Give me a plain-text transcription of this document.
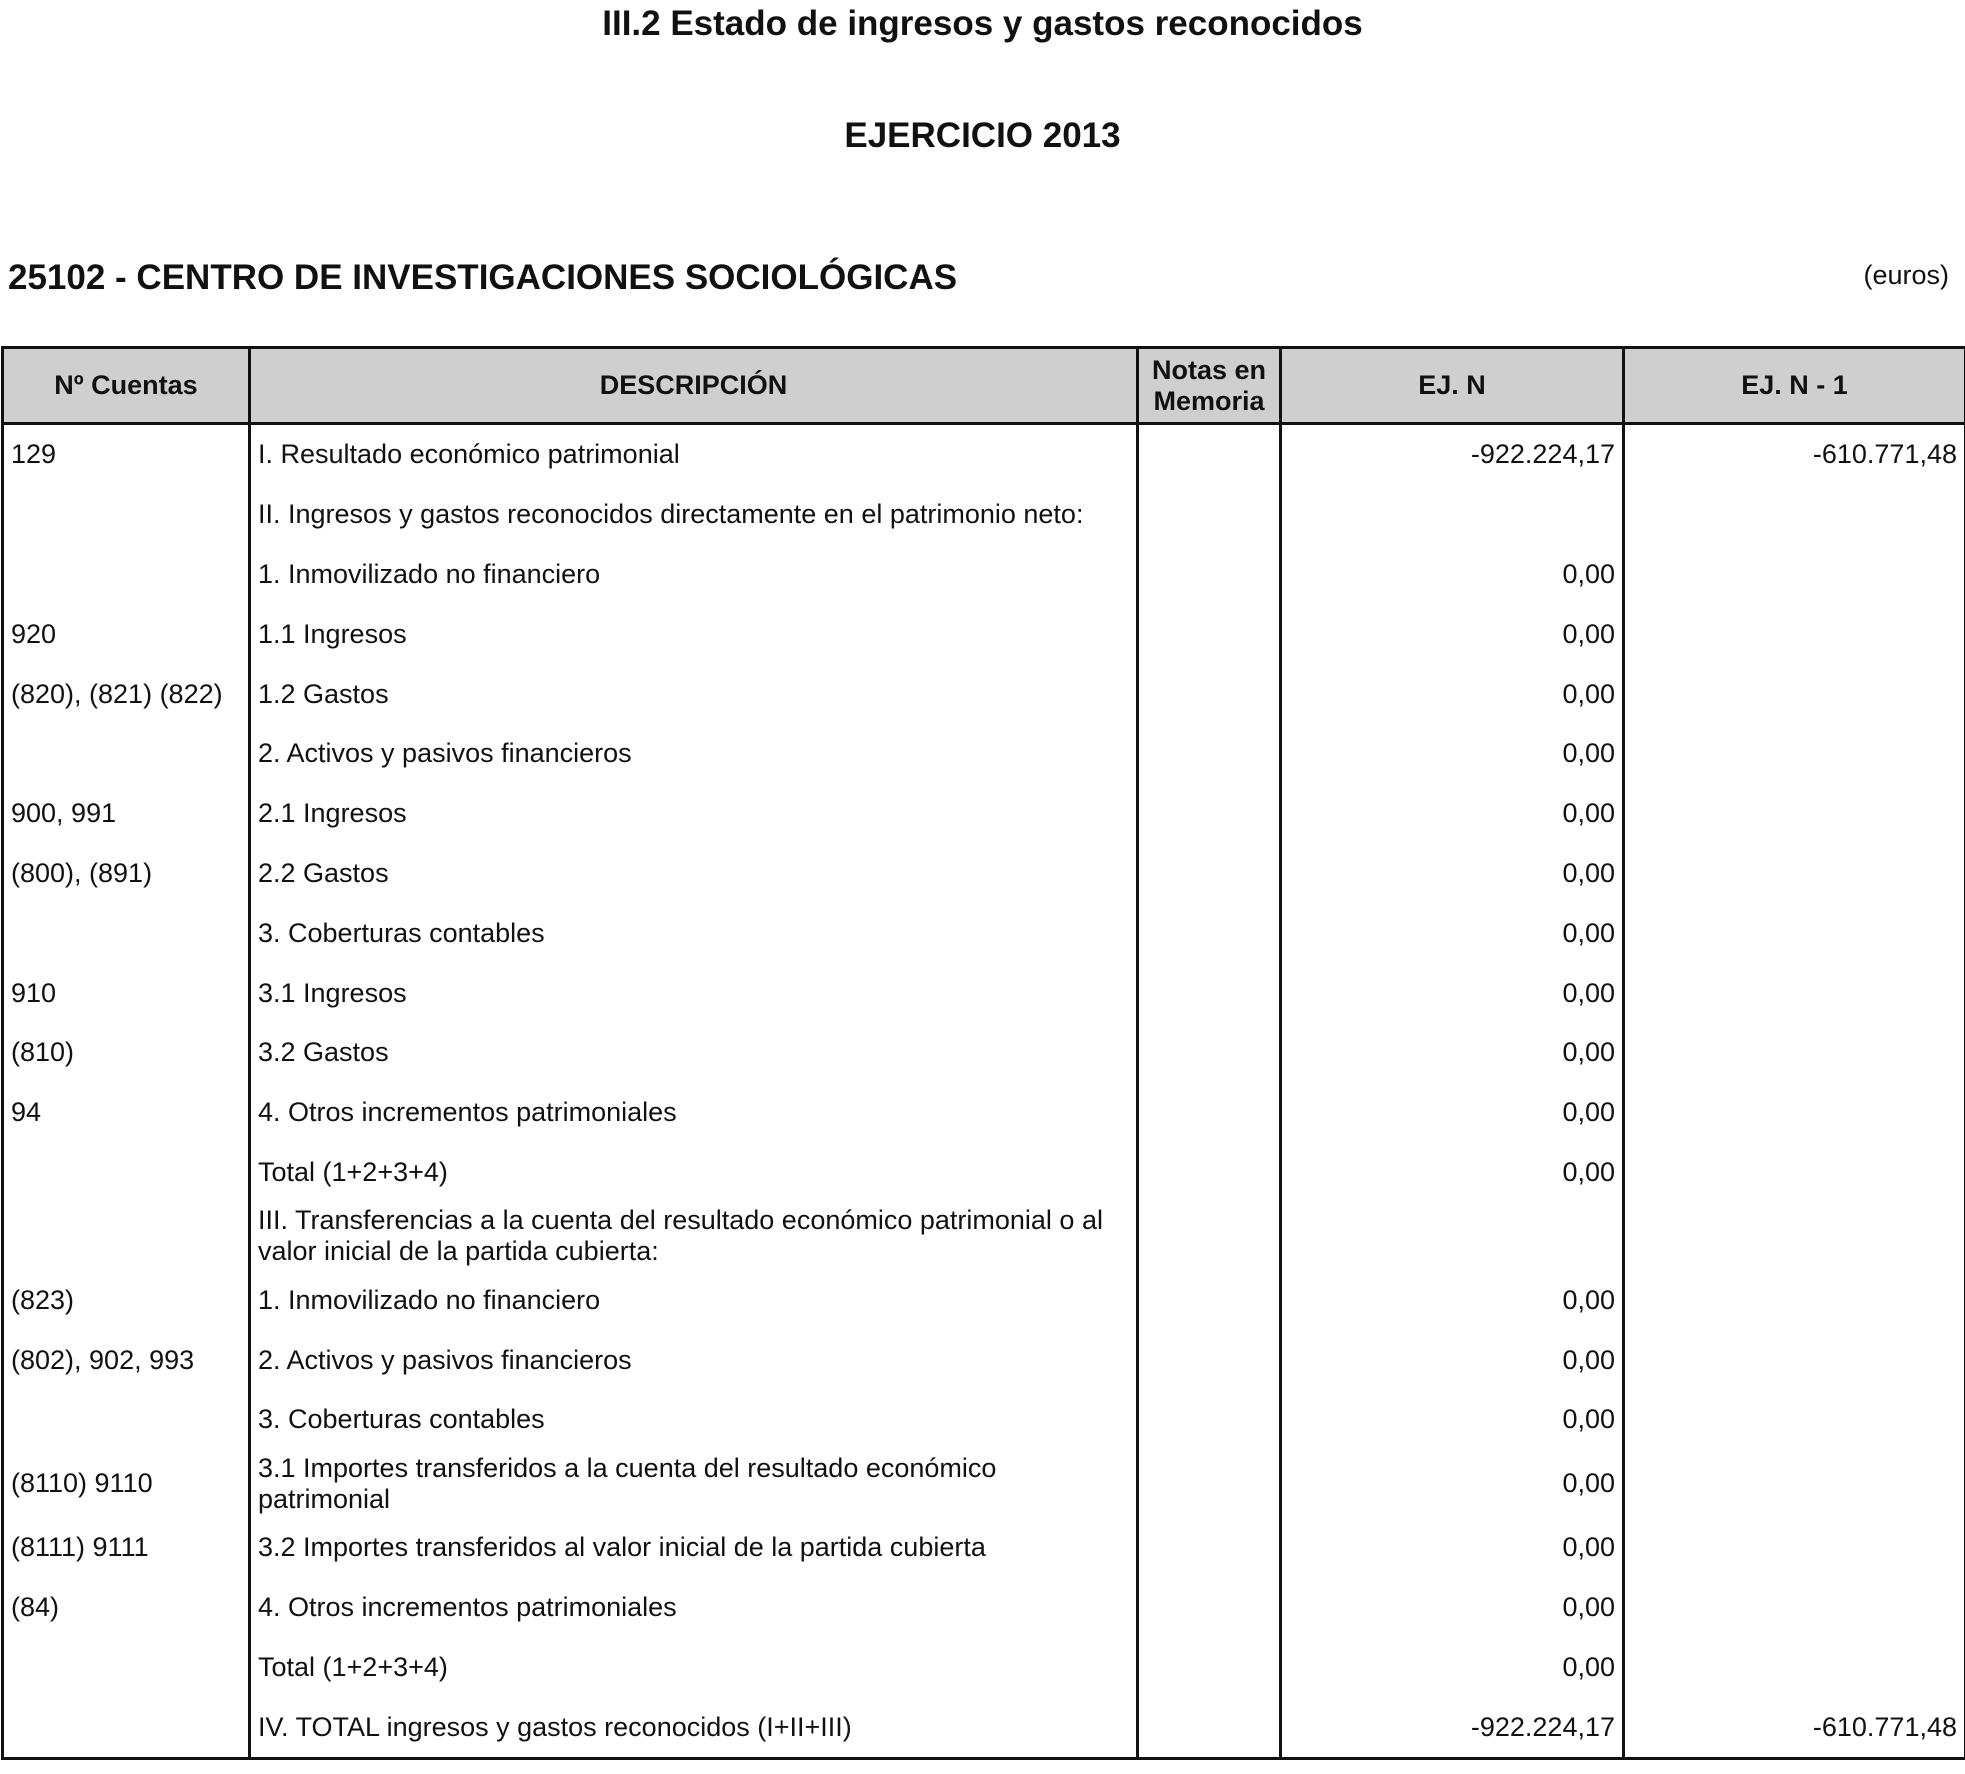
III.2 Estado de ingresos y gastos reconocidos
EJERCICIO 2013
25102 - CENTRO DE INVESTIGACIONES SOCIOLÓGICAS	(euros)
Nº Cuentas	DESCRIPCIÓN	Notas en Memoria	EJ. N	EJ. N - 1
129	I. Resultado económico patrimonial		-922.224,17	-610.771,48
	II. Ingresos y gastos reconocidos directamente en el patrimonio neto:			
	1. Inmovilizado no financiero		0,00	
920	1.1 Ingresos		0,00	
(820), (821) (822)	1.2 Gastos		0,00	
	2. Activos y pasivos financieros		0,00	
900, 991	2.1 Ingresos		0,00	
(800), (891)	2.2 Gastos		0,00	
	3. Coberturas contables		0,00	
910	3.1 Ingresos		0,00	
(810)	3.2 Gastos		0,00	
94	4. Otros incrementos patrimoniales		0,00	
	Total (1+2+3+4)		0,00	
	III. Transferencias a la cuenta del resultado económico patrimonial o al valor inicial de la partida cubierta:			
(823)	1. Inmovilizado no financiero		0,00	
(802), 902, 993	2. Activos y pasivos financieros		0,00	
	3. Coberturas contables		0,00	
(8110) 9110	3.1 Importes transferidos a la cuenta del resultado económico patrimonial		0,00	
(8111) 9111	3.2 Importes transferidos al valor inicial de la partida cubierta		0,00	
(84)	4. Otros incrementos patrimoniales		0,00	
	Total (1+2+3+4)		0,00	
	IV. TOTAL ingresos y gastos reconocidos (I+II+III)		-922.224,17	-610.771,48
